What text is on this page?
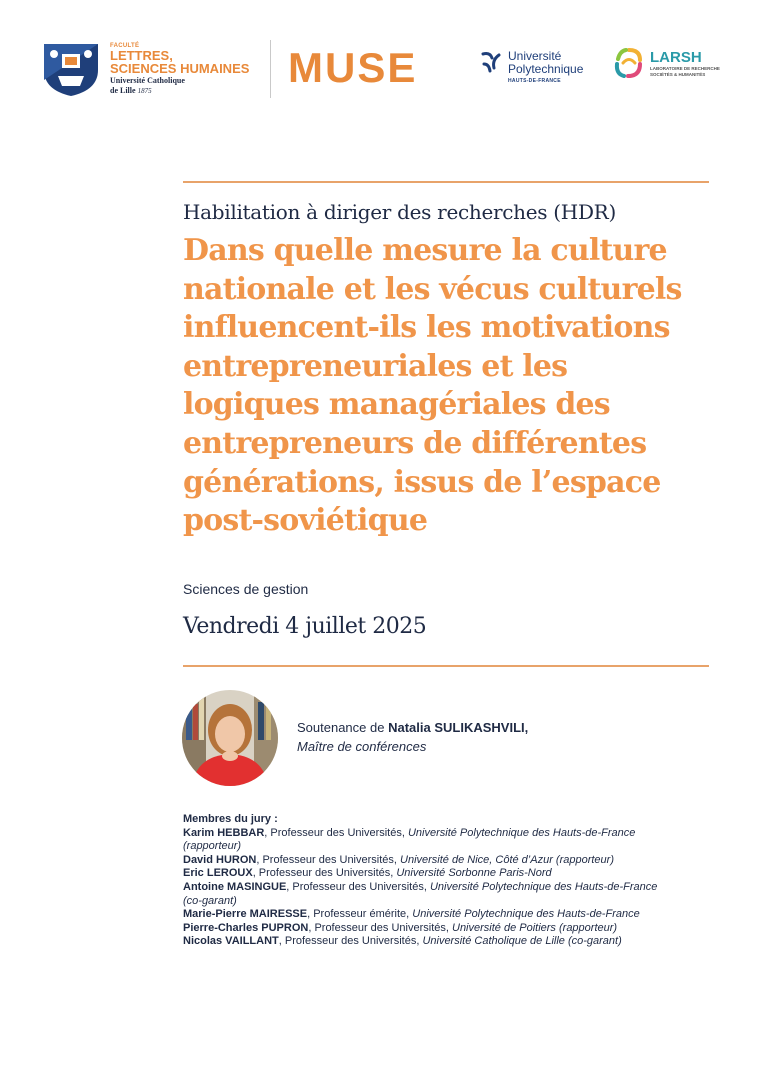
FACULTÉ
LETTRES,
SCIENCES HUMAINES
Université Catholique
de Lille 1875	MUSE	Université
Polytechnique
HAUTS-DE-FRANCE
LARSH
LABORATOIRE DE RECHERCHE
SOCIÉTÉS & HUMANITÉS
Habilitation à diriger des recherches (HDR)
Dans quelle mesure la culture
nationale et les vécus culturels
influencent-ils les motivations
entrepreneuriales et les
logiques managériales des
entrepreneurs de différentes
générations, issus de l’espace
post-soviétique
Sciences de gestion
Vendredi 4 juillet 2025
Soutenance de Natalia SULIKASHVILI,
Maître de conférences
Membres du jury :
Karim HEBBAR, Professeur des Universités, Université Polytechnique des Hauts-de-France
(rapporteur)
David HURON, Professeur des Universités, Université de Nice, Côté d’Azur (rapporteur)
Eric LEROUX, Professeur des Universités, Université Sorbonne Paris-Nord
Antoine MASINGUE, Professeur des Universités, Université Polytechnique des Hauts-de-France
(co-garant)
Marie-Pierre MAIRESSE, Professeur émérite, Université Polytechnique des Hauts-de-France
Pierre-Charles PUPRON, Professeur des Universités, Université de Poitiers (rapporteur)
Nicolas VAILLANT, Professeur des Universités, Université Catholique de Lille (co-garant)
